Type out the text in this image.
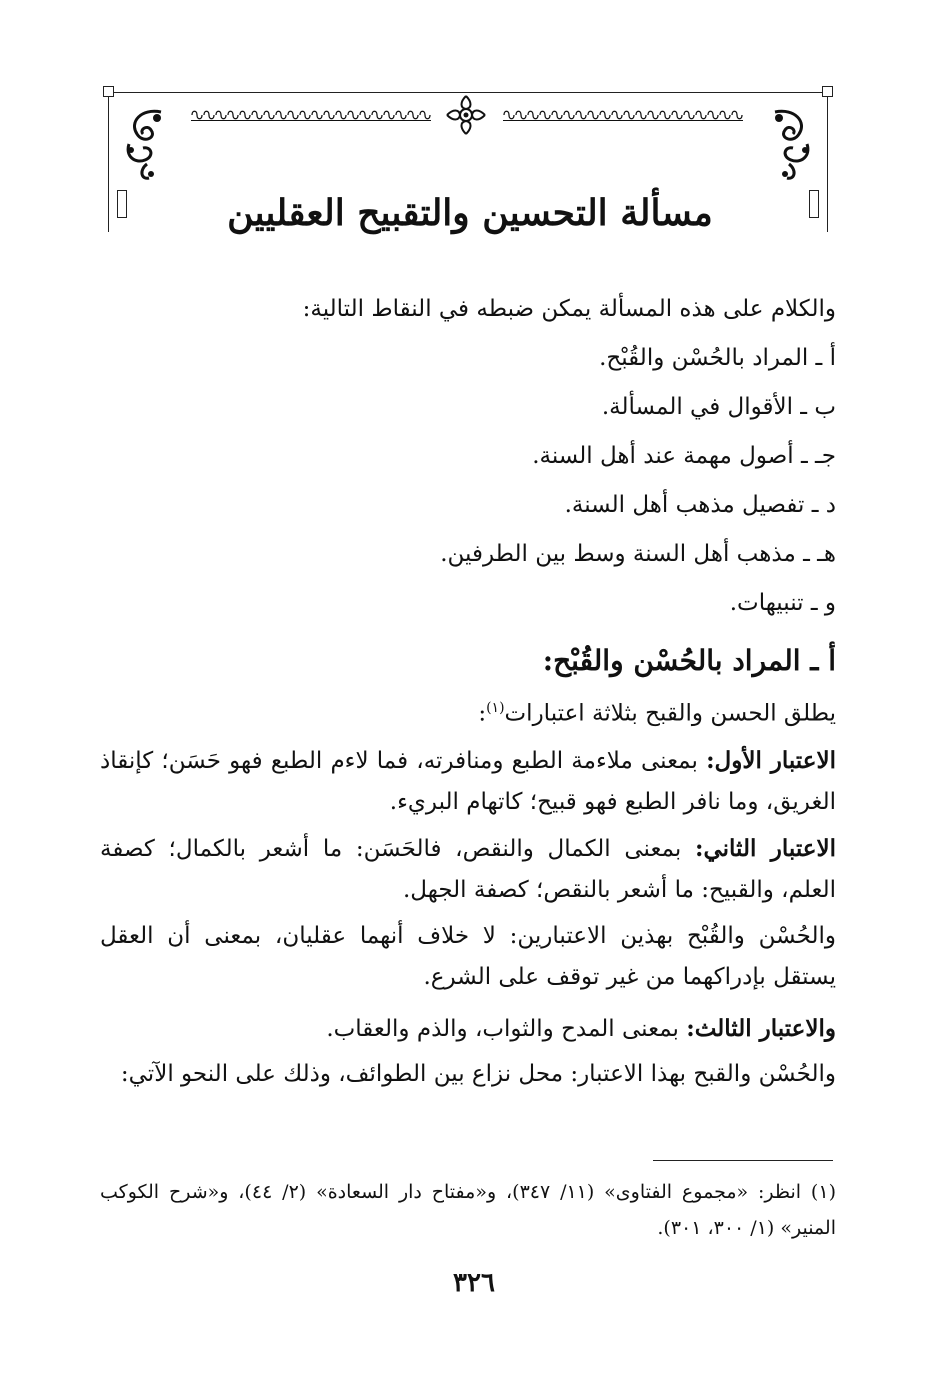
مسألة التحسين والتقبيح العقليين
والكلام على هذه المسألة يمكن ضبطه في النقاط التالية:
أ ـ المراد بالحُسْن والقُبْح.
ب ـ الأقوال في المسألة.
جـ ـ أصول مهمة عند أهل السنة.
د ـ تفصيل مذهب أهل السنة.
هـ ـ مذهب أهل السنة وسط بين الطرفين.
و ـ تنبيهات.
أ ـ المراد بالحُسْن والقُبْح:
يطلق الحسن والقبح بثلاثة اعتبارات$^{(١)}$:
الاعتبار الأول: بمعنى ملاءمة الطبع ومنافرته، فما لاءم الطبع فهو حَسَن؛ كإنقاذ الغريق، وما نافر الطبع فهو قبيح؛ كاتهام البريء.
الاعتبار الثاني: بمعنى الكمال والنقص، فالحَسَن: ما أشعر بالكمال؛ كصفة العلم، والقبيح: ما أشعر بالنقص؛ كصفة الجهل.
والحُسْن والقُبْح بهذين الاعتبارين: لا خلاف أنهما عقليان، بمعنى أن العقل يستقل بإدراكهما من غير توقف على الشرع.
والاعتبار الثالث: بمعنى المدح والثواب، والذم والعقاب.
والحُسْن والقبح بهذا الاعتبار: محل نزاع بين الطوائف، وذلك على النحو الآتي:
(١) انظر: «مجموع الفتاوى» (١١/ ٣٤٧)، و«مفتاح دار السعادة» (٢/ ٤٤)، و«شرح الكوكب المنير» (١/ ٣٠٠، ٣٠١).
٣٢٦
